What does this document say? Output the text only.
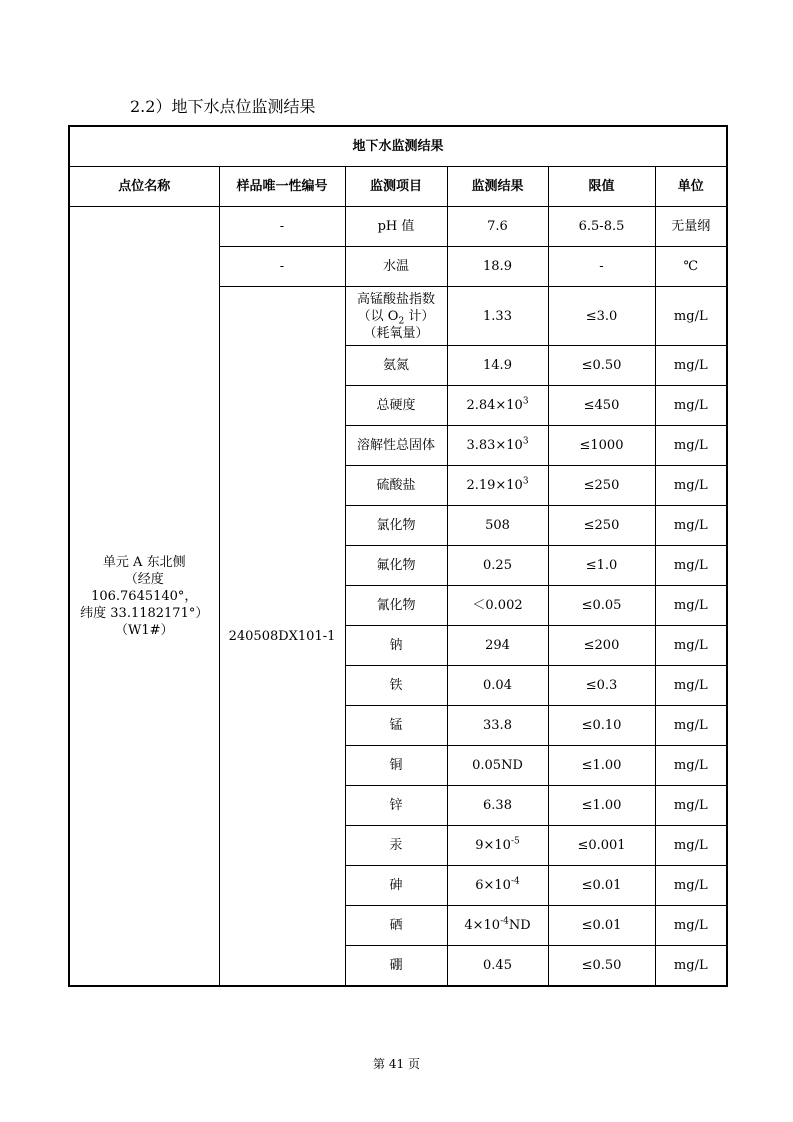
2.2）地下水点位监测结果
地下水监测结果					
点位名称	样品唯一性编号	监测项目	监测结果	限值	单位

单元 A 东北侧
（经度 106.7645140°，
纬度 33.1182171°）
（W1#）	-	pH 值	7.6	6.5-8.5	无量纲
	-	水温	18.9	-	℃
	240508DX101-1	高锰酸盐指数
（以 $O_2$ 计）
（耗氧量）	1.33	≤3.0	mg/L
		氨氮	14.9	≤0.50	mg/L
		总硬度	$2.84\times 10^3$	≤450	mg/L
		溶解性总固体	$3.83\times 10^3$	≤1000	mg/L
		硫酸盐	$2.19\times 10^3$	≤250	mg/L
		氯化物	508	≤250	mg/L
		氟化物	0.25	≤1.0	mg/L
		氰化物	＜0.002	≤0.05	mg/L
		钠	294	≤200	mg/L
		铁	0.04	≤0.3	mg/L
		锰	33.8	≤0.10	mg/L
		铜	0.05ND	≤1.00	mg/L
		锌	6.38	≤1.00	mg/L
		汞	$9\times 10^{-5}$	≤0.001	mg/L
		砷	$6\times 10^{-4}$	≤0.01	mg/L
		硒	$4\times 10^{-4}ND$	≤0.01	mg/L
		硼	0.45	≤0.50	mg/L
第 41 页
